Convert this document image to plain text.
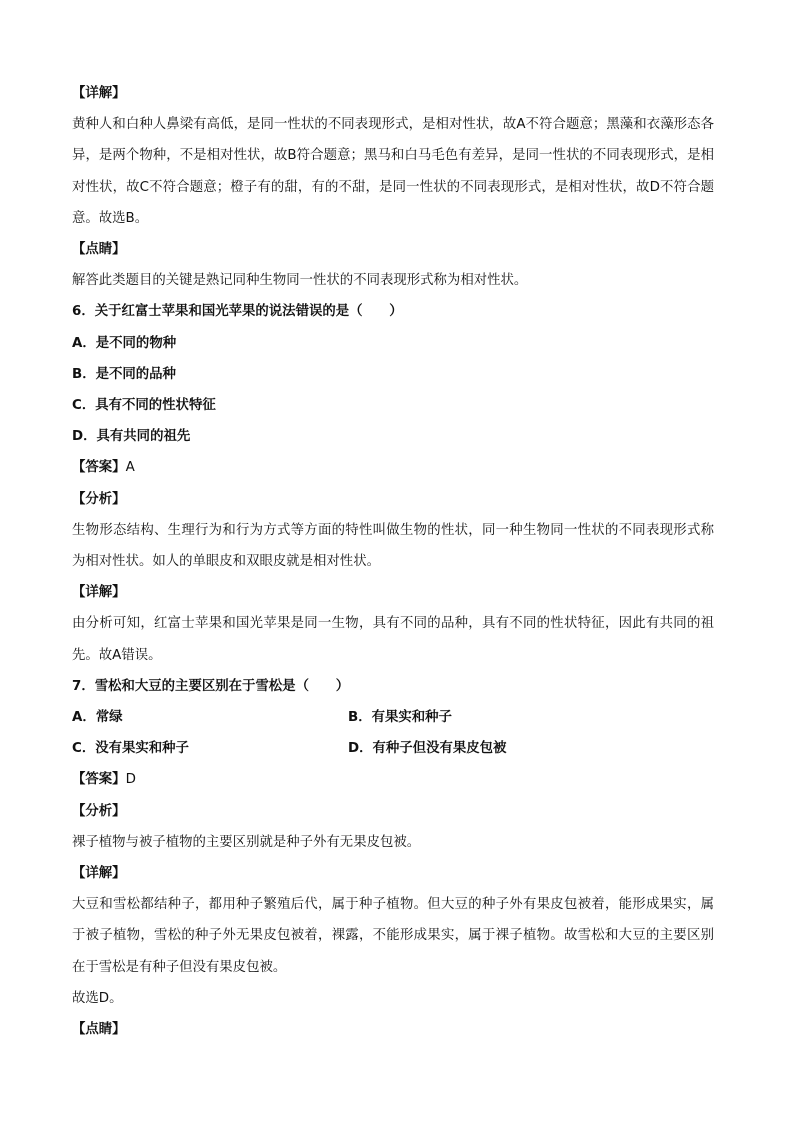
【详解】
黄种人和白种人鼻梁有高低，是同一性状的不同表现形式，是相对性状，故A不符合题意；黑藻和衣藻形态各异，是两个物种，不是相对性状，故B符合题意；黑马和白马毛色有差异，是同一性状的不同表现形式，是相对性状，故C不符合题意；橙子有的甜，有的不甜，是同一性状的不同表现形式，是相对性状，故D不符合题意。故选B。
【点睛】
解答此类题目的关键是熟记同种生物同一性状的不同表现形式称为相对性状。
6．关于红富士苹果和国光苹果的说法错误的是（　　）
A．是不同的物种
B．是不同的品种
C．具有不同的性状特征
D．具有共同的祖先
【答案】A
【分析】
生物形态结构、生理行为和行为方式等方面的特性叫做生物的性状，同一种生物同一性状的不同表现形式称为相对性状。如人的单眼皮和双眼皮就是相对性状。
【详解】
由分析可知，红富士苹果和国光苹果是同一生物，具有不同的品种，具有不同的性状特征，因此有共同的祖先。故A错误。
7．雪松和大豆的主要区别在于雪松是（　　）
A．常绿	B．有果实和种子
C．没有果实和种子	D．有种子但没有果皮包被
【答案】D
【分析】
裸子植物与被子植物的主要区别就是种子外有无果皮包被。
【详解】
大豆和雪松都结种子，都用种子繁殖后代，属于种子植物。但大豆的种子外有果皮包被着，能形成果实，属于被子植物，雪松的种子外无果皮包被着，裸露，不能形成果实，属于裸子植物。故雪松和大豆的主要区别在于雪松是有种子但没有果皮包被。
故选D。
【点睛】
